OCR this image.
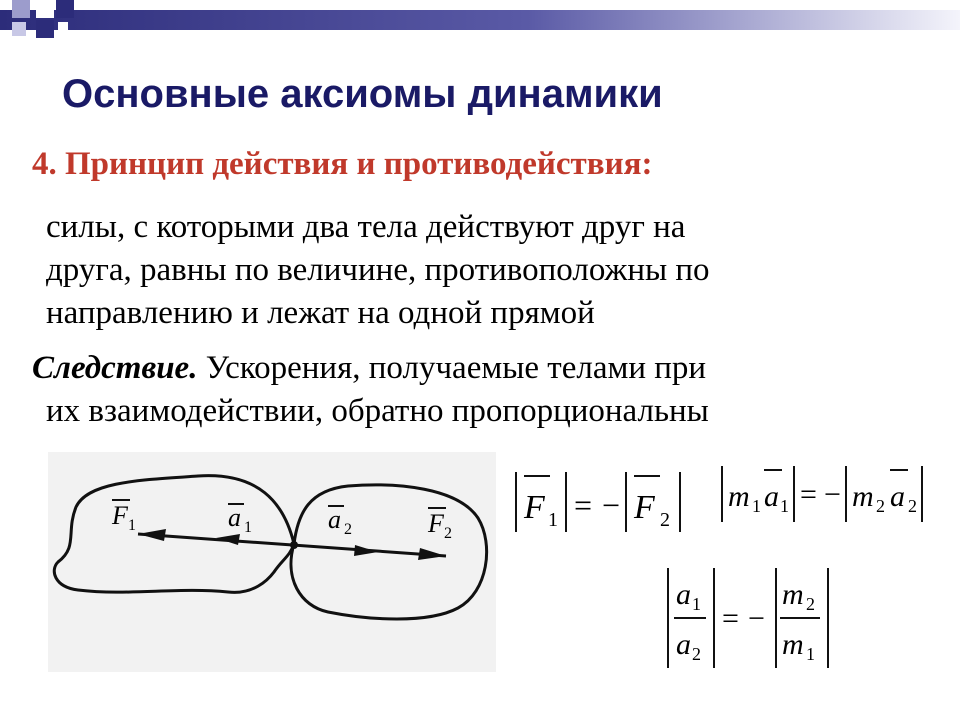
Основные аксиомы динамики
4. Принцип действия и противодействия:
силы, с которыми два тела действуют друг на
друга, равны по величине, противоположны по
направлению и лежат на одной прямой
Следствие. Ускорения, получаемые телами при
их взаимодействии, обратно пропорциональны
F 1	a 1	a 2	F 2
F 1 = − F 2
m 1 a 1 = − m 2 a 2
a 1
a 2
= −
m 2
m 1
